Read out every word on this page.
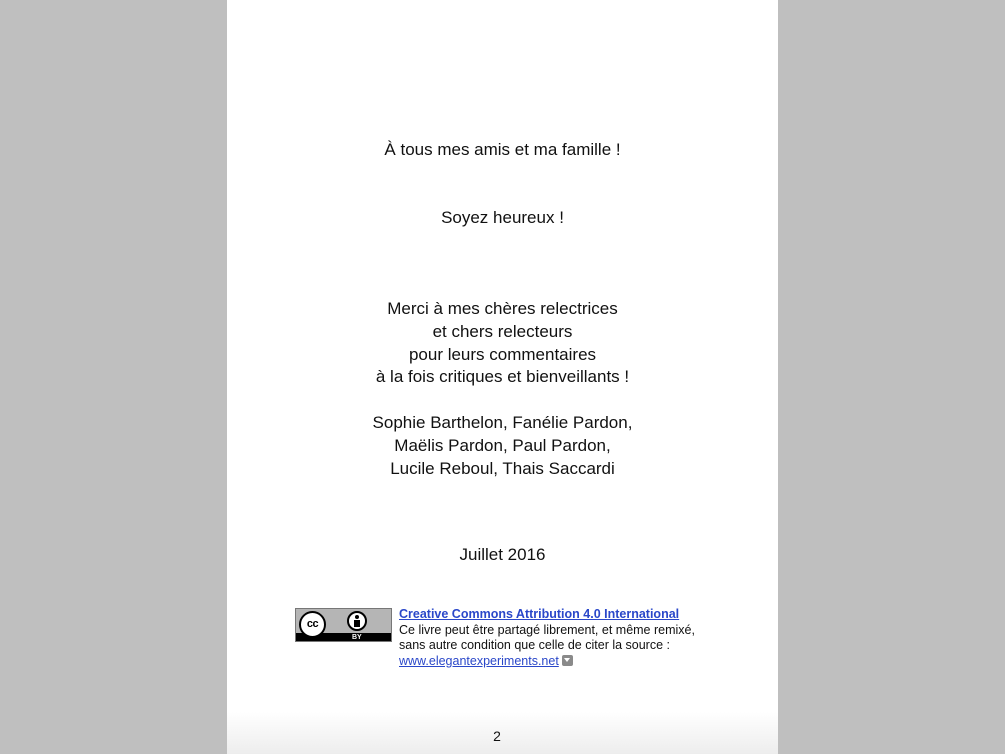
À tous mes amis et ma famille !
Soyez heureux !
Merci à mes chères relectrices
et chers relecteurs
pour leurs commentaires
à la fois critiques et bienveillants !
Sophie Barthelon, Fanélie Pardon,
Maëlis Pardon, Paul Pardon,
Lucile Reboul, Thais Saccardi
Juillet 2016
cc
BY
Creative Commons Attribution 4.0 International
Ce livre peut être partagé librement, et même remixé,
sans autre condition que celle de citer la source :
www.elegantexperiments.net
2
